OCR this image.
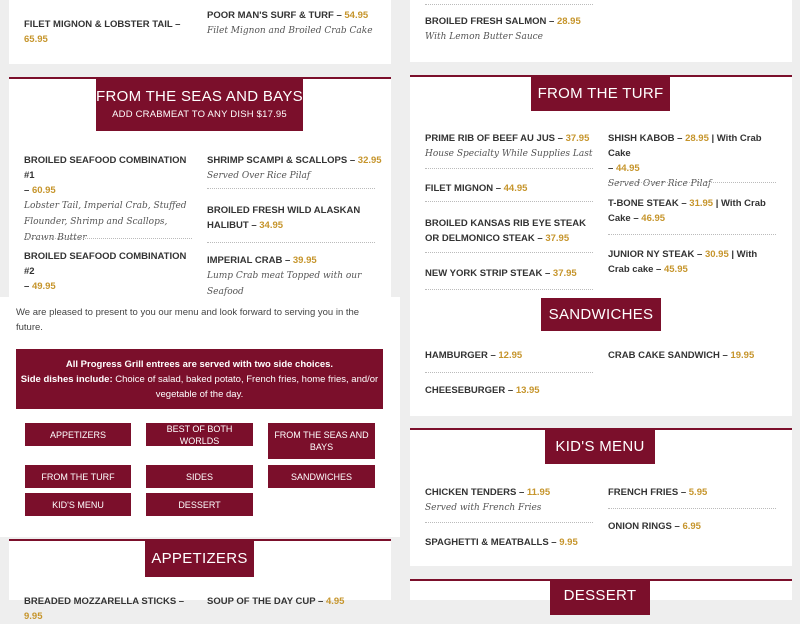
FILET MIGNON & LOBSTER TAIL –
65.95
POOR MAN'S SURF & TURF – 54.95
Filet Mignon and Broiled Crab Cake
BROILED FRESH SALMON – 28.95
With Lemon Butter Sauce
FROM THE SEAS AND BAYS
ADD CRABMEAT TO ANY DISH $17.95
BROILED SEAFOOD COMBINATION #1
– 60.95
Lobster Tail, Imperial Crab, Stuffed Flounder, Shrimp and Scallops, Drawn Butter
BROILED SEAFOOD COMBINATION #2
– 49.95

SHRIMP SCAMPI & SCALLOPS – 32.95
Served Over Rice Pilaf
BROILED FRESH WILD ALASKAN HALIBUT – 34.95
IMPERIAL CRAB – 39.95
Lump Crab meat Topped with our Seafood
We are pleased to present to you our menu and look forward to serving you in the future.
All Progress Grill entrees are served with two side choices.
Side dishes include: Choice of salad, baked potato, French fries, home fries, and/or vegetable of the day.
APPETIZERS
BEST OF BOTH WORLDS
FROM THE SEAS AND BAYS
FROM THE TURF	SIDES	SANDWICHES
KID'S MENU	DESSERT
APPETIZERS
BREADED MOZZARELLA STICKS – 9.95
SOUP OF THE DAY CUP – 4.95
FROM THE TURF
PRIME RIB OF BEEF AU JUS – 37.95
House Specialty While Supplies Last
FILET MIGNON – 44.95
BROILED KANSAS RIB EYE STEAK OR DELMONICO STEAK – 37.95
NEW YORK STRIP STEAK – 37.95
SHISH KABOB – 28.95 | With Crab Cake
– 44.95
Served Over Rice Pilaf
T-BONE STEAK – 31.95 | With Crab Cake – 46.95
JUNIOR NY STEAK – 30.95 | With Crab cake – 45.95
SANDWICHES
HAMBURGER – 12.95
CHEESEBURGER – 13.95
CRAB CAKE SANDWICH – 19.95
KID'S MENU
CHICKEN TENDERS – 11.95
Served with French Fries
SPAGHETTI & MEATBALLS – 9.95
FRENCH FRIES – 5.95
ONION RINGS – 6.95
DESSERT
